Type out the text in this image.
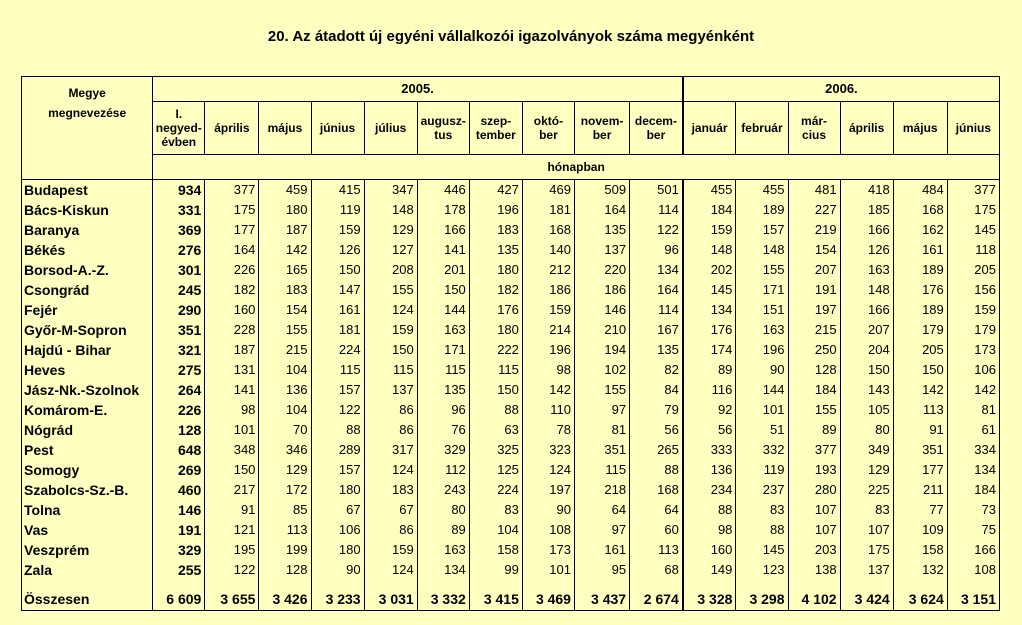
20. Az átadott új egyéni vállalkozói igazolványok száma megyénként
Megye
megnevezése	2005.										2006.					
	I. negyed- évben	április	május	június	július	augusz- tus	szep- tember	októ- ber	novem- ber	decem- ber	január	február	már- cius	április	május	június
	hónapban															
Budapest	934	377	459	415	347	446	427	469	509	501	455	455	481	418	484	377
Bács-Kiskun	331	175	180	119	148	178	196	181	164	114	184	189	227	185	168	175
Baranya	369	177	187	159	129	166	183	168	135	122	159	157	219	166	162	145
Békés	276	164	142	126	127	141	135	140	137	96	148	148	154	126	161	118
Borsod-A.-Z.	301	226	165	150	208	201	180	212	220	134	202	155	207	163	189	205
Csongrád	245	182	183	147	155	150	182	186	186	164	145	171	191	148	176	156
Fejér	290	160	154	161	124	144	176	159	146	114	134	151	197	166	189	159
Győr-M-Sopron	351	228	155	181	159	163	180	214	210	167	176	163	215	207	179	179
Hajdú - Bihar	321	187	215	224	150	171	222	196	194	135	174	196	250	204	205	173
Heves	275	131	104	115	115	115	115	98	102	82	89	90	128	150	150	106
Jász-Nk.-Szolnok	264	141	136	157	137	135	150	142	155	84	116	144	184	143	142	142
Komárom-E.	226	98	104	122	86	96	88	110	97	79	92	101	155	105	113	81
Nógrád	128	101	70	88	86	76	63	78	81	56	56	51	89	80	91	61
Pest	648	348	346	289	317	329	325	323	351	265	333	332	377	349	351	334
Somogy	269	150	129	157	124	112	125	124	115	88	136	119	193	129	177	134
Szabolcs-Sz.-B.	460	217	172	180	183	243	224	197	218	168	234	237	280	225	211	184
Tolna	146	91	85	67	67	80	83	90	64	64	88	83	107	83	77	73
Vas	191	121	113	106	86	89	104	108	97	60	98	88	107	107	109	75
Veszprém	329	195	199	180	159	163	158	173	161	113	160	145	203	175	158	166
Zala	255	122	128	90	124	134	99	101	95	68	149	123	138	137	132	108

Összesen	6 609	3 655	3 426	3 233	3 031	3 332	3 415	3 469	3 437	2 674	3 328	3 298	4 102	3 424	3 624	3 151
